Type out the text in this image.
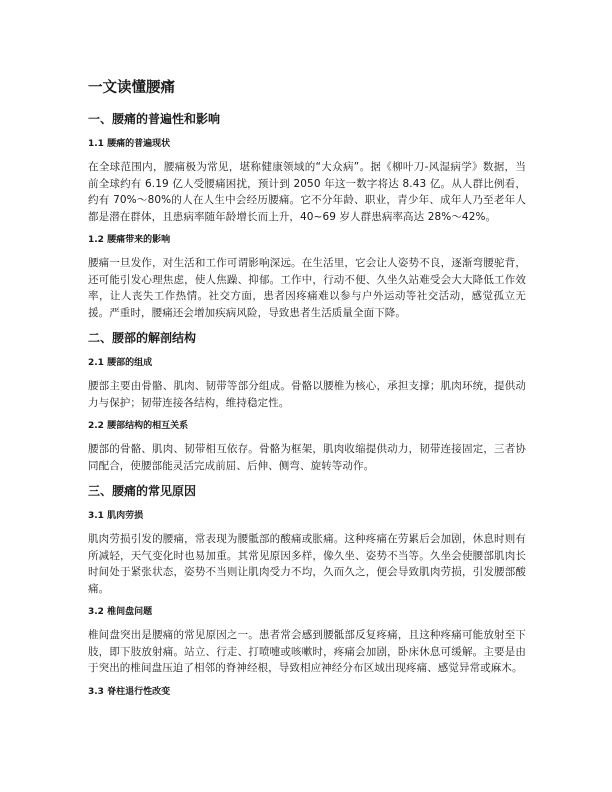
一文读懂腰痛
一、腰痛的普遍性和影响
1.1 腰痛的普遍现状

在全球范围内，腰痛极为常见，堪称健康领域的“大众病”。据《柳叶刀-风湿病学》数据，当前全球约有 6.19 亿人受腰痛困扰，预计到 2050 年这一数字将达 8.43 亿。从人群比例看，约有 70%～80%的人在人生中会经历腰痛。它不分年龄、职业，青少年、成年人乃至老年人都是潜在群体，且患病率随年龄增长而上升，40~69 岁人群患病率高达 28%～42%。

1.2 腰痛带来的影响

腰痛一旦发作，对生活和工作可谓影响深远。在生活里，它会让人姿势不良，逐渐弯腰驼背，还可能引发心理焦虑，使人焦躁、抑郁。工作中，行动不便、久坐久站难受会大大降低工作效率，让人丧失工作热情。社交方面，患者因疼痛难以参与户外运动等社交活动，感觉孤立无援。严重时，腰痛还会增加疾病风险，导致患者生活质量全面下降。

二、腰部的解剖结构
2.1 腰部的组成

腰部主要由骨骼、肌肉、韧带等部分组成。骨骼以腰椎为核心，承担支撑；肌肉环统，提供动力与保护；韧带连接各结构，维持稳定性。

2.2 腰部结构的相互关系

腰部的骨骼、肌肉、韧带相互依存。骨骼为框架，肌肉收缩提供动力，韧带连接固定，三者协同配合，使腰部能灵活完成前屈、后伸、侧弯、旋转等动作。

三、腰痛的常见原因
3.1 肌肉劳损

肌肉劳损引发的腰痛，常表现为腰骶部的酸痛或胀痛。这种疼痛在劳累后会加剧，休息时则有所减轻，天气变化时也易加重。其常见原因多样，像久坐、姿势不当等。久坐会使腰部肌肉长时间处于紧张状态，姿势不当则让肌肉受力不均，久而久之，便会导致肌肉劳损，引发腰部酸痛。

3.2 椎间盘问题

椎间盘突出是腰痛的常见原因之一。患者常会感到腰骶部反复疼痛，且这种疼痛可能放射至下肢，即下肢放射痛。站立、行走、打喷嚏或咳嗽时，疼痛会加剧，卧床休息可缓解。主要是由于突出的椎间盘压迫了相邻的脊神经根，导致相应神经分布区域出现疼痛、感觉异常或麻木。

3.3 脊柱退行性改变
